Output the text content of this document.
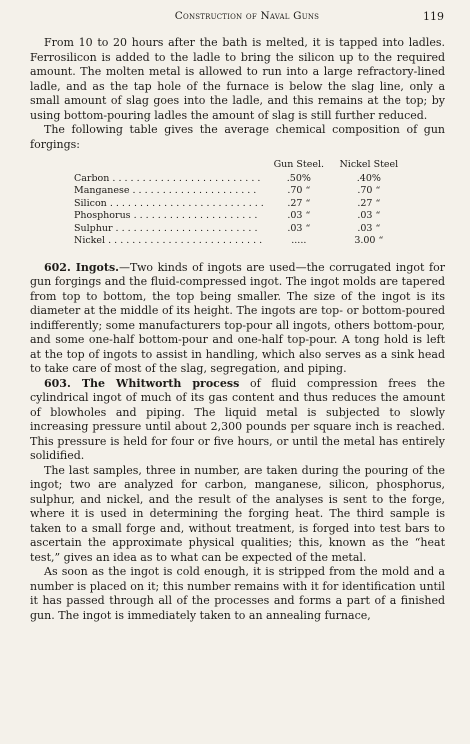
Construction of Naval Guns	119

From 10 to 20 hours after the bath is melted, it is tapped into ladles. Ferrosilicon is added to the ladle to bring the silicon up to the required amount. The molten metal is allowed to run into a large refractory-lined ladle, and as the tap hole of the furnace is below the slag line, only a small amount of slag goes into the ladle, and this remains at the top; by using bottom-pouring ladles the amount of slag is still further reduced.

The following table gives the average chemical composition of gun forgings:

	Gun Steel.	Nickel Steel
Carbon . . . . . . . . . . . . . . . . . . . . . . . . .	.50%	.40%
Manganese . . . . . . . . . . . . . . . . . . . . .	.70 “	.70 “
Silicon . . . . . . . . . . . . . . . . . . . . . . . . . .	.27 “	.27 “
Phosphorus . . . . . . . . . . . . . . . . . . . . .	.03 “	.03 “
Sulphur . . . . . . . . . . . . . . . . . . . . . . . .	.03 “	.03 “
Nickel . . . . . . . . . . . . . . . . . . . . . . . . . .	.....	3.00 “

602. Ingots.—Two kinds of ingots are used—the corrugated ingot for gun forgings and the fluid-compressed ingot. The ingot molds are tapered from top to bottom, the top being smaller. The size of the ingot is its diameter at the middle of its height. The ingots are top- or bottom-poured indifferently; some manufacturers top-pour all ingots, others bottom-pour, and some one-half bottom-pour and one-half top-pour. A tong hold is left at the top of ingots to assist in handling, which also serves as a sink head to take care of most of the slag, segregation, and piping.

603. The Whitworth process of fluid compression frees the cylindrical ingot of much of its gas content and thus reduces the amount of blowholes and piping. The liquid metal is subjected to slowly increasing pressure until about 2,300 pounds per square inch is reached. This pressure is held for four or five hours, or until the metal has entirely solidified.

The last samples, three in number, are taken during the pouring of the ingot; two are analyzed for carbon, manganese, silicon, phosphorus, sulphur, and nickel, and the result of the analyses is sent to the forge, where it is used in determining the forging heat. The third sample is taken to a small forge and, without treatment, is forged into test bars to ascertain the approximate physical qualities; this, known as the “heat test,” gives an idea as to what can be expected of the metal.

As soon as the ingot is cold enough, it is stripped from the mold and a number is placed on it; this number remains with it for identification until it has passed through all of the processes and forms a part of a finished gun. The ingot is immediately taken to an annealing furnace,
